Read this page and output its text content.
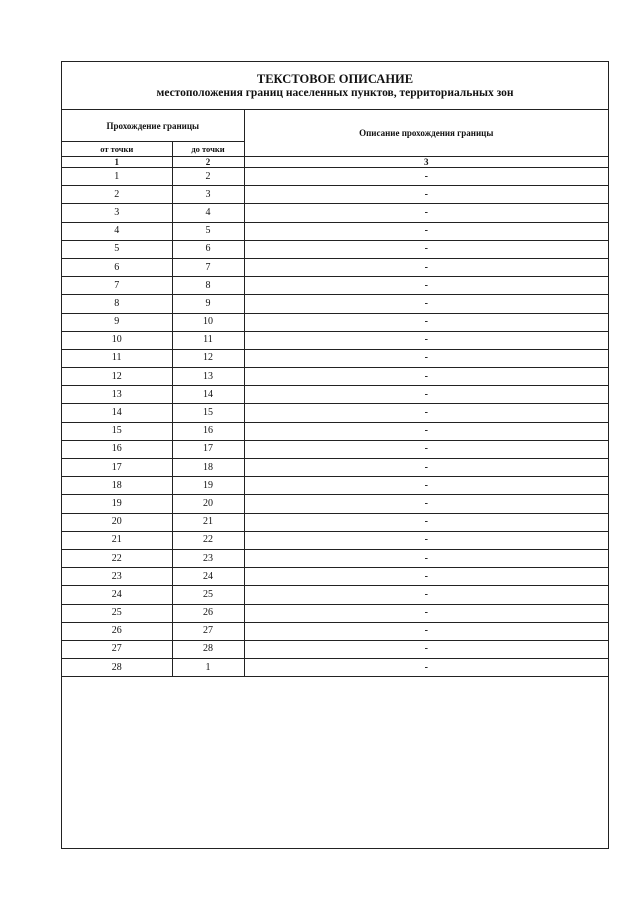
ТЕКСТОВОЕ ОПИСАНИЕ
местоположения границ населенных пунктов, территориальных зон
Прохождение границы		Описание прохождения границы
от точки	до точки	
1	2	3
1	2	-
2	3	-
3	4	-
4	5	-
5	6	-
6	7	-
7	8	-
8	9	-
9	10	-
10	11	-
11	12	-
12	13	-
13	14	-
14	15	-
15	16	-
16	17	-
17	18	-
18	19	-
19	20	-
20	21	-
21	22	-
22	23	-
23	24	-
24	25	-
25	26	-
26	27	-
27	28	-
28	1	-
